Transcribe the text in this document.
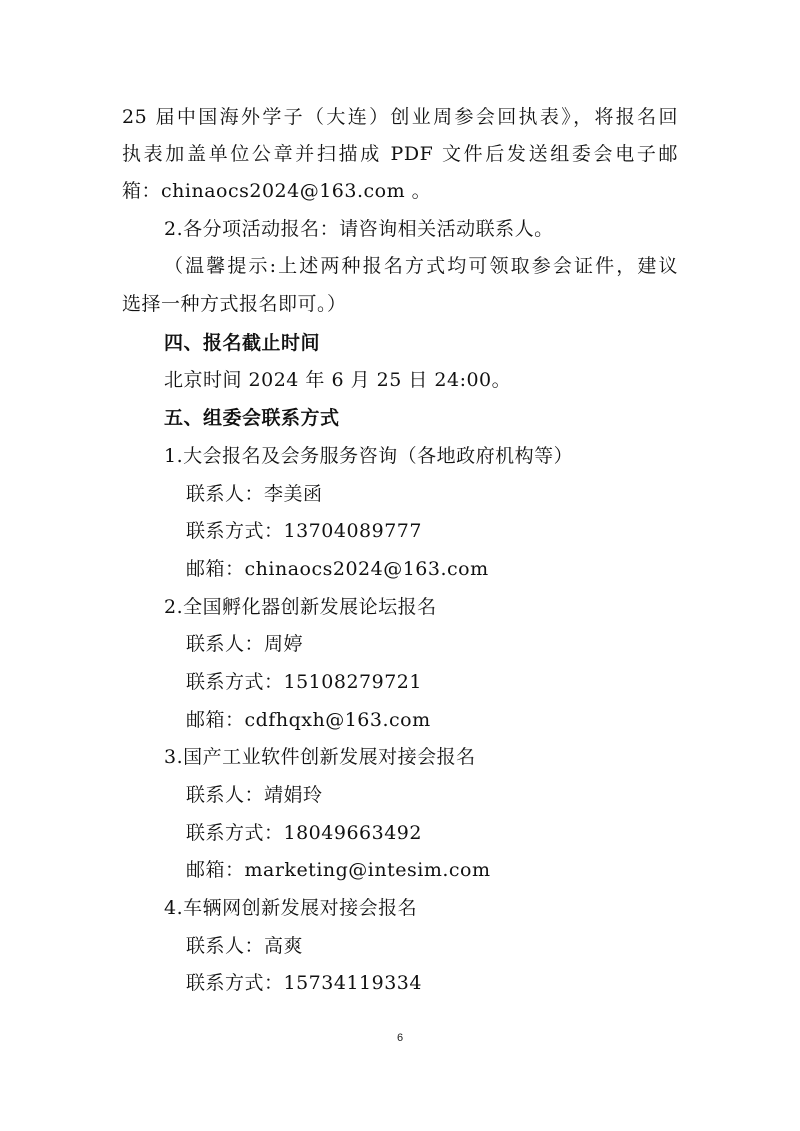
25 届中国海外学子（大连）创业周参会回执表》，将报名回
执表加盖单位公章并扫描成 PDF 文件后发送组委会电子邮
箱：chinaocs2024@163.com 。
2.各分项活动报名：请咨询相关活动联系人。
（温馨提示:上述两种报名方式均可领取参会证件，建议
选择一种方式报名即可。）
四、报名截止时间
北京时间 2024 年 6 月 25 日 24:00。
五、组委会联系方式
1.大会报名及会务服务咨询（各地政府机构等）
联系人：李美函
联系方式：13704089777
邮箱：chinaocs2024@163.com
2.全国孵化器创新发展论坛报名
联系人：周婷
联系方式：15108279721
邮箱：cdfhqxh@163.com
3.国产工业软件创新发展对接会报名
联系人：靖娟玲
联系方式：18049663492
邮箱：marketing@intesim.com
4.车辆网创新发展对接会报名
联系人：高爽
联系方式：15734119334
6
